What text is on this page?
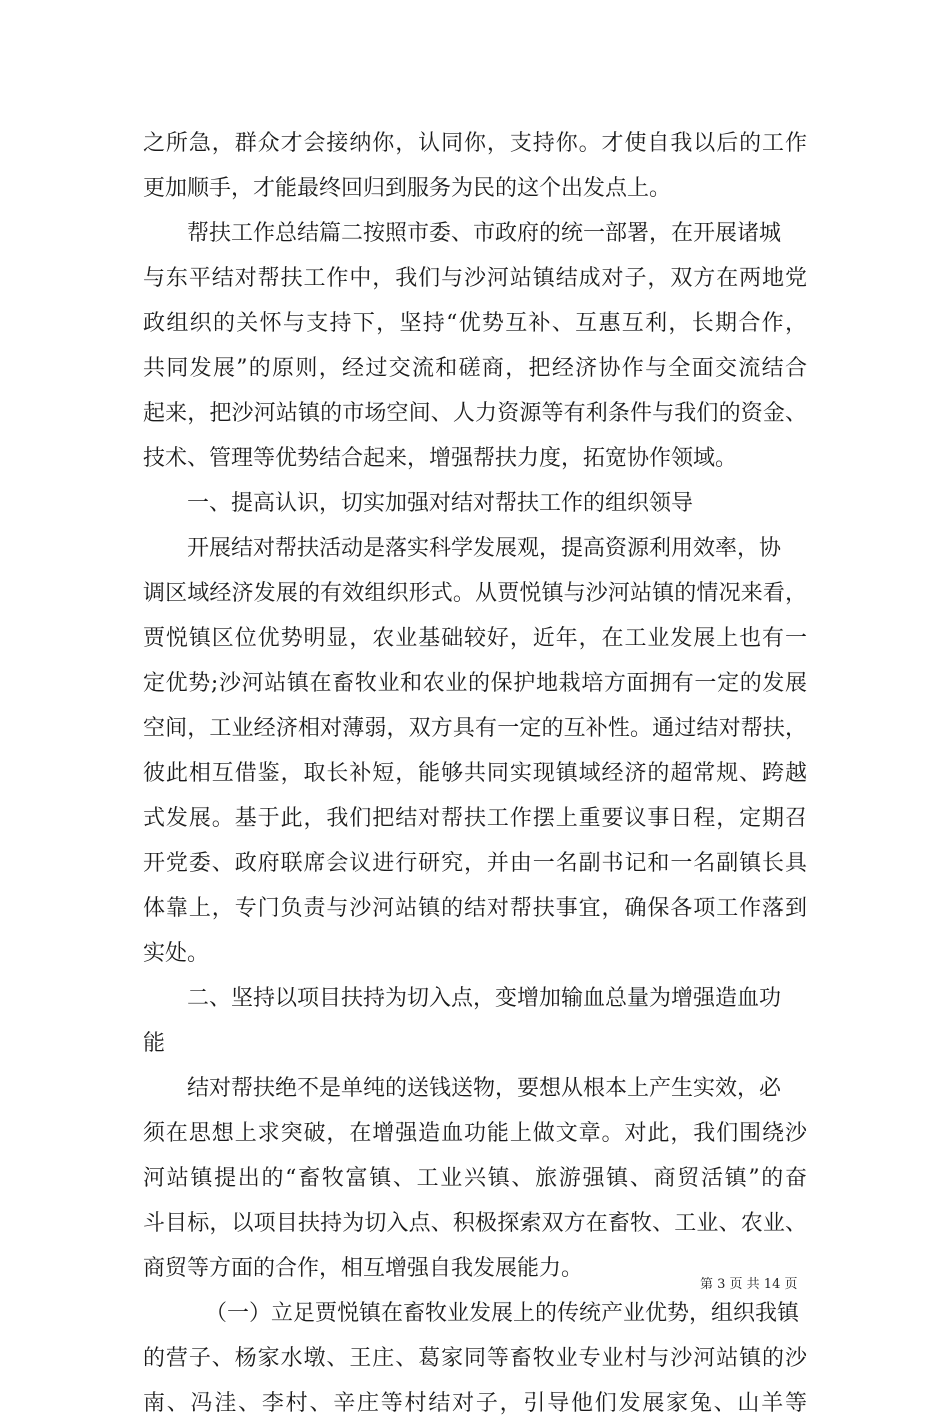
之所急，群众才会接纳你，认同你，支持你。才使自我以后的工作
更加顺手，才能最终回归到服务为民的这个出发点上。
帮扶工作总结篇二按照市委、市政府的统一部署，在开展诸城
与东平结对帮扶工作中，我们与沙河站镇结成对子，双方在两地党
政组织的关怀与支持下，坚持“优势互补、互惠互利，长期合作，
共同发展”的原则，经过交流和磋商，把经济协作与全面交流结合
起来，把沙河站镇的市场空间、人力资源等有利条件与我们的资金、
技术、管理等优势结合起来，增强帮扶力度，拓宽协作领域。
一、提高认识，切实加强对结对帮扶工作的组织领导
开展结对帮扶活动是落实科学发展观，提高资源利用效率，协
调区域经济发展的有效组织形式。从贾悦镇与沙河站镇的情况来看，
贾悦镇区位优势明显，农业基础较好，近年，在工业发展上也有一
定优势;沙河站镇在畜牧业和农业的保护地栽培方面拥有一定的发展
空间，工业经济相对薄弱，双方具有一定的互补性。通过结对帮扶，
彼此相互借鉴，取长补短，能够共同实现镇域经济的超常规、跨越
式发展。基于此，我们把结对帮扶工作摆上重要议事日程，定期召
开党委、政府联席会议进行研究，并由一名副书记和一名副镇长具
体靠上，专门负责与沙河站镇的结对帮扶事宜，确保各项工作落到
实处。
二、坚持以项目扶持为切入点，变增加输血总量为增强造血功
能
结对帮扶绝不是单纯的送钱送物，要想从根本上产生实效，必
须在思想上求突破，在增强造血功能上做文章。对此，我们围绕沙
河站镇提出的“畜牧富镇、工业兴镇、旅游强镇、商贸活镇”的奋
斗目标，以项目扶持为切入点、积极探索双方在畜牧、工业、农业、
商贸等方面的合作，相互增强自我发展能力。
（一）立足贾悦镇在畜牧业发展上的传统产业优势，组织我镇
的营子、杨家水墩、王庄、葛家同等畜牧业专业村与沙河站镇的沙
南、冯洼、李村、辛庄等村结对子，引导他们发展家兔、山羊等
第 3 页 共 14 页
